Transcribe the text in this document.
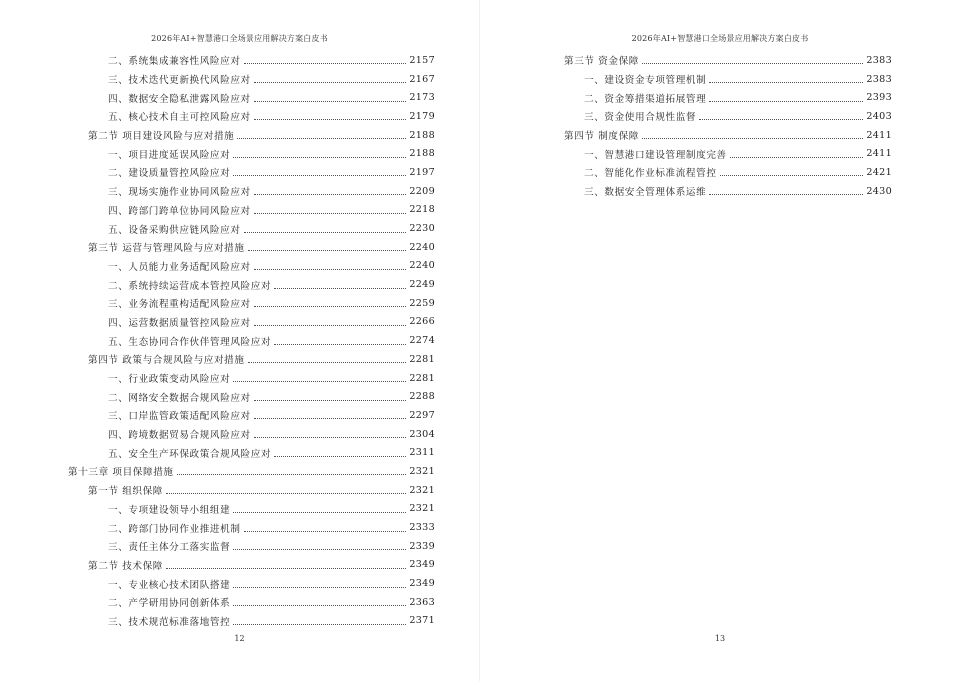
2026年AI+智慧港口全场景应用解决方案白皮书
二、系统集成兼容性风险应对	2157
三、技术迭代更新换代风险应对	2167
四、数据安全隐私泄露风险应对	2173
五、核心技术自主可控风险应对	2179
第二节 项目建设风险与应对措施	2188
一、项目进度延误风险应对	2188
二、建设质量管控风险应对	2197
三、现场实施作业协同风险应对	2209
四、跨部门跨单位协同风险应对	2218
五、设备采购供应链风险应对	2230
第三节 运营与管理风险与应对措施	2240
一、人员能力业务适配风险应对	2240
二、系统持续运营成本管控风险应对	2249
三、业务流程重构适配风险应对	2259
四、运营数据质量管控风险应对	2266
五、生态协同合作伙伴管理风险应对	2274
第四节 政策与合规风险与应对措施	2281
一、行业政策变动风险应对	2281
二、网络安全数据合规风险应对	2288
三、口岸监管政策适配风险应对	2297
四、跨境数据贸易合规风险应对	2304
五、安全生产环保政策合规风险应对	2311
第十三章 项目保障措施	2321
第一节 组织保障	2321
一、专项建设领导小组组建	2321
二、跨部门协同作业推进机制	2333
三、责任主体分工落实监督	2339
第二节 技术保障	2349
一、专业核心技术团队搭建	2349
二、产学研用协同创新体系	2363
三、技术规范标准落地管控	2371
12
2026年AI+智慧港口全场景应用解决方案白皮书
第三节 资金保障	2383
一、建设资金专项管理机制	2383
二、资金筹措渠道拓展管理	2393
三、资金使用合规性监督	2403
第四节 制度保障	2411
一、智慧港口建设管理制度完善	2411
二、智能化作业标准流程管控	2421
三、数据安全管理体系运维	2430
13
